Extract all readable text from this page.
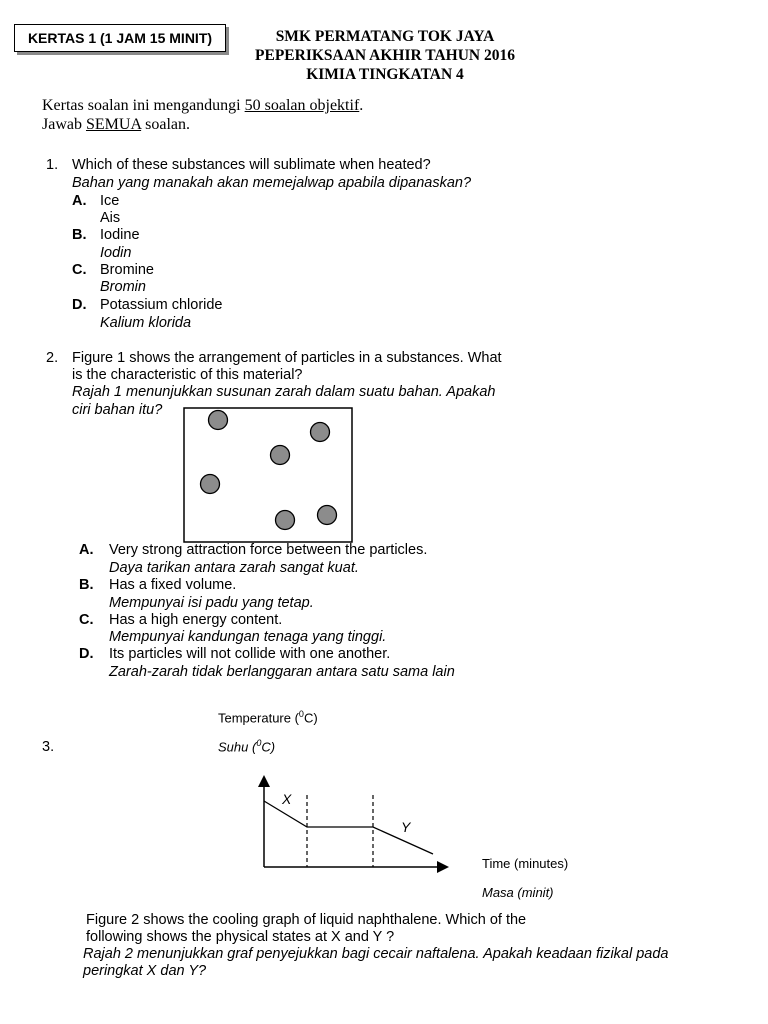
KERTAS 1 (1 JAM 15 MINIT)	SMK PERMATANG TOK JAYA
PEPERIKSAAN AKHIR TAHUN 2016
KIMIA TINGKATAN 4
Kertas soalan ini mengandungi 50 soalan objektif.
Jawab SEMUA soalan.
1. Which of these substances will sublimate when heated?
Bahan yang manakah akan memejalwap apabila dipanaskan?
A. Ice
Ais
B. Iodine
Iodin
C. Bromine
Bromin
D. Potassium chloride
Kalium klorida
2. Figure 1 shows the arrangement of particles in a substances. What
is the characteristic of this material?
Rajah 1 menunjukkan susunan zarah dalam suatu bahan. Apakah
ciri bahan itu?
A. Very strong attraction force between the particles.
Daya tarikan antara zarah sangat kuat.
B. Has a fixed volume.
Mempunyai isi padu yang tetap.
C. Has a high energy content.
Mempunyai kandungan tenaga yang tinggi.
D. Its particles will not collide with one another.
Zarah-zarah tidak berlanggaran antara satu sama lain
Temperature ($^0$C)
Suhu ($^0$C)
3.
X
Y
Time (minutes)
Masa (minit)
Figure 2 shows the cooling graph of liquid naphthalene. Which of the
following shows the physical states at X and Y ?
Rajah 2 menunjukkan graf penyejukkan bagi cecair naftalena. Apakah keadaan fizikal pada
peringkat X dan Y?
